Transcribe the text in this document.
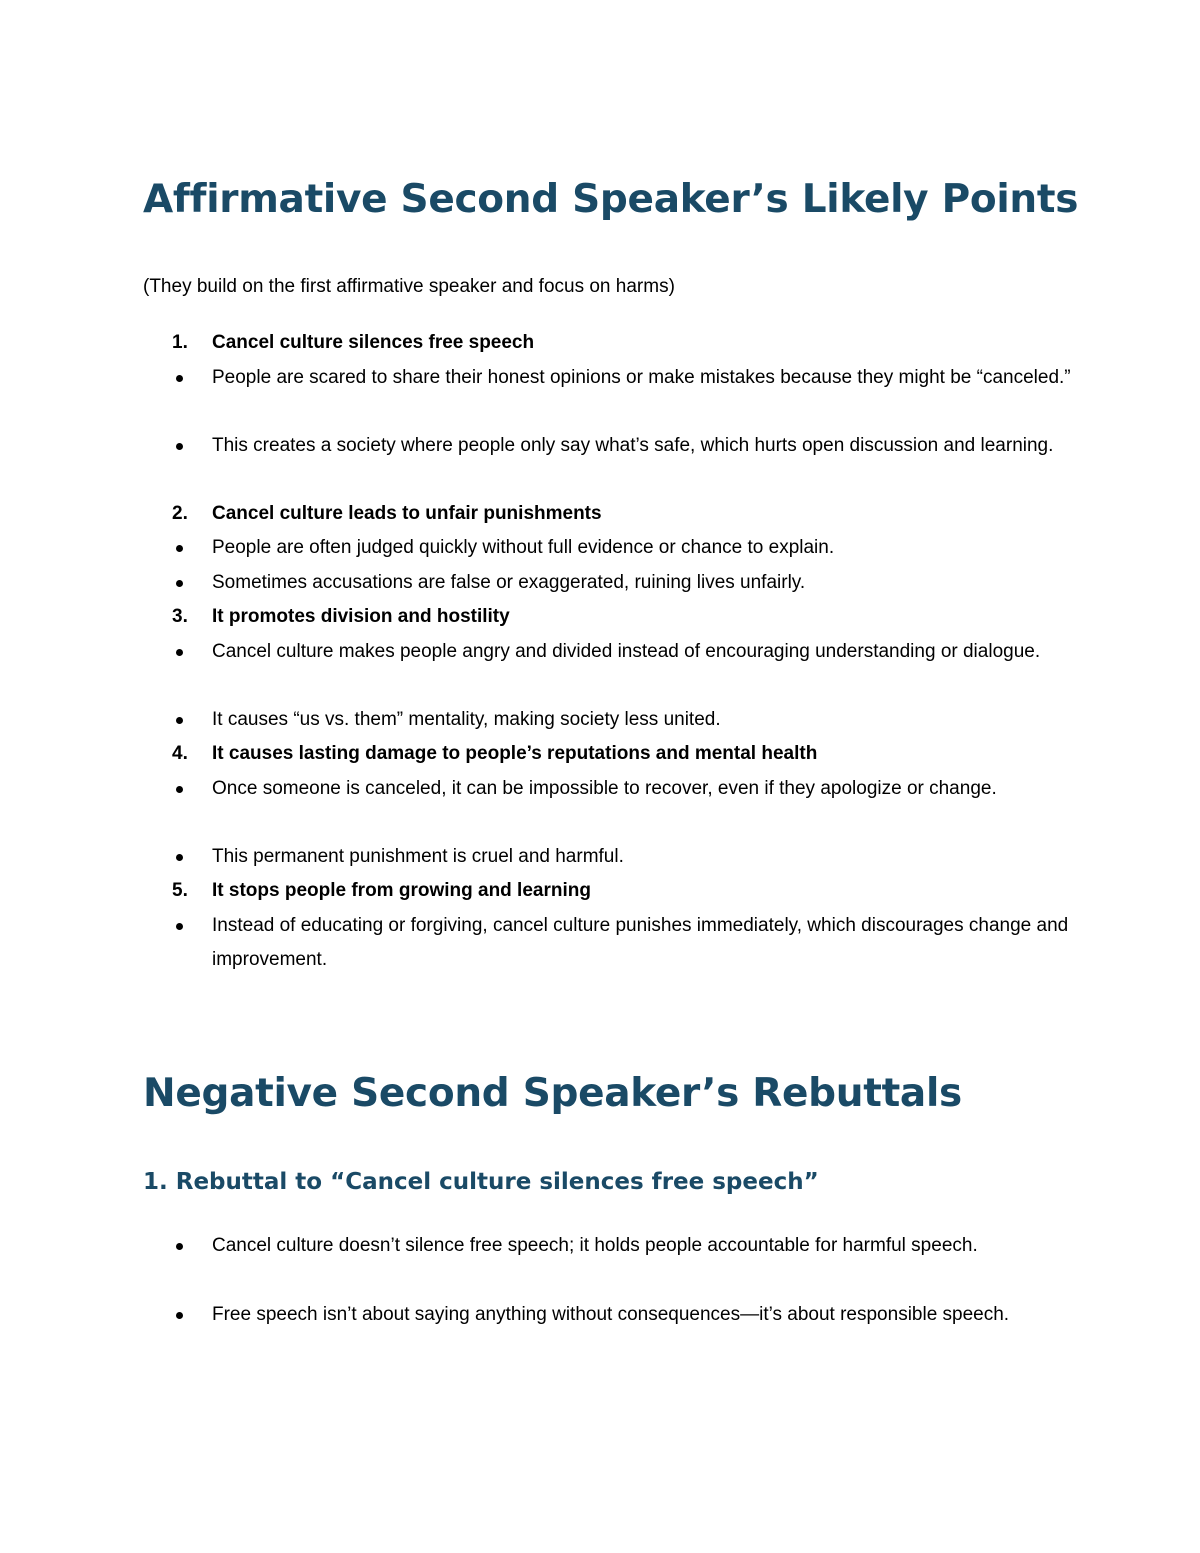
Affirmative Second Speaker’s Likely Points

(They build on the first affirmative speaker and focus on harms)

1. Cancel culture silences free speech
People are scared to share their honest opinions or make mistakes because they might be “canceled.”
This creates a society where people only say what’s safe, which hurts open discussion and learning.
2. Cancel culture leads to unfair punishments
People are often judged quickly without full evidence or chance to explain.
Sometimes accusations are false or exaggerated, ruining lives unfairly.
3. It promotes division and hostility
Cancel culture makes people angry and divided instead of encouraging understanding or dialogue.
It causes “us vs. them” mentality, making society less united.
4. It causes lasting damage to people’s reputations and mental health
Once someone is canceled, it can be impossible to recover, even if they apologize or change.
This permanent punishment is cruel and harmful.
5. It stops people from growing and learning
Instead of educating or forgiving, cancel culture punishes immediately, which discourages change and improvement.
Negative Second Speaker’s Rebuttals
1. Rebuttal to “Cancel culture silences free speech”
Cancel culture doesn’t silence free speech; it holds people accountable for harmful speech.
Free speech isn’t about saying anything without consequences—it’s about responsible speech.
